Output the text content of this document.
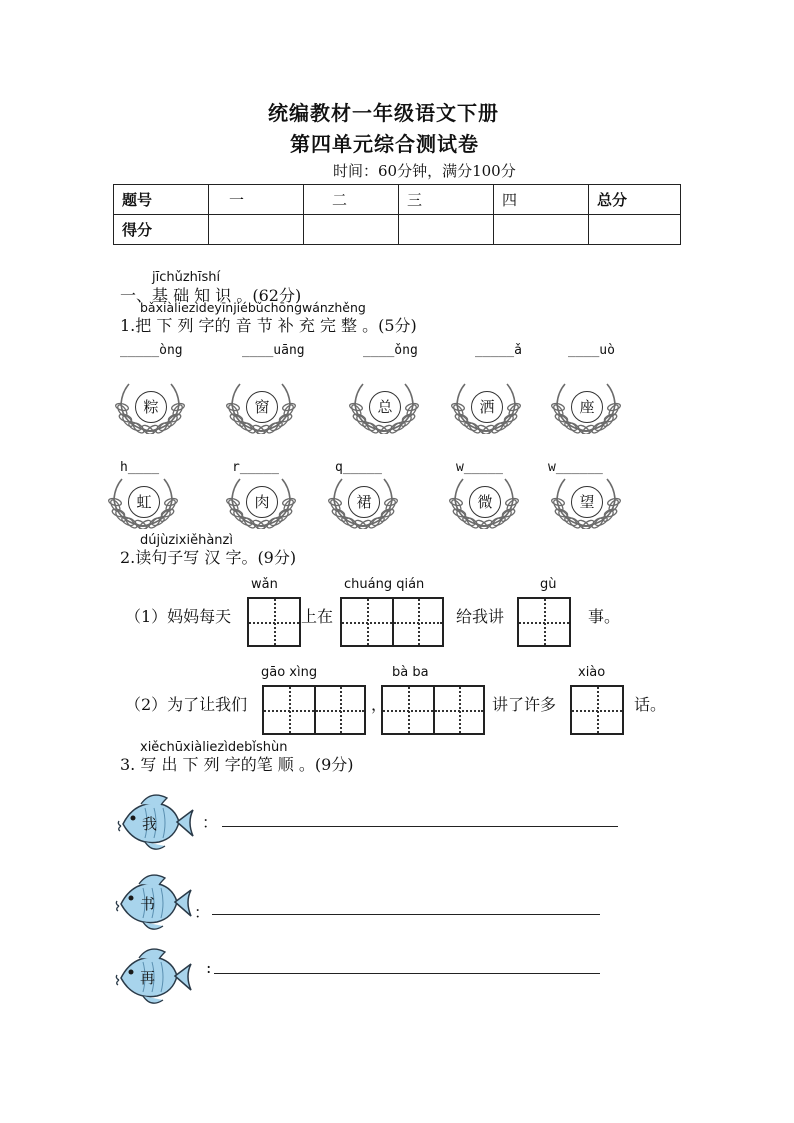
统编教材一年级语文下册
第四单元综合测试卷
时间：60分钟，满分100分
题号	一	二	三	四	总分
得分					
jīchǔzhīshí
一、基 础 知 识 。(62分)
bǎxiàliezìdeyīnjiébǔchōngwánzhěng
1.把 下 列 字的 音 节 补 充 完 整 。(5分)
_____òng	____uāng	____ǒng	_____ǎ	____uò
粽	窗	总	洒	座
h____	r_____	q_____	w_____	w______
虹	肉	裙	微	望
dújùzixiěhànzì
2.读句子写 汉 字。(9分)
wǎn	chuáng qián	gù
（1）妈妈每天	上在	给我讲	事。
gāo xìng	bà ba	xiào
（2）为了让我们	，	讲了许多	话。
xiěchūxiàliezìdebǐshùn
3. 写 出 下 列 字的笔 顺 。(9分)
我	：
书 ：
再
:
